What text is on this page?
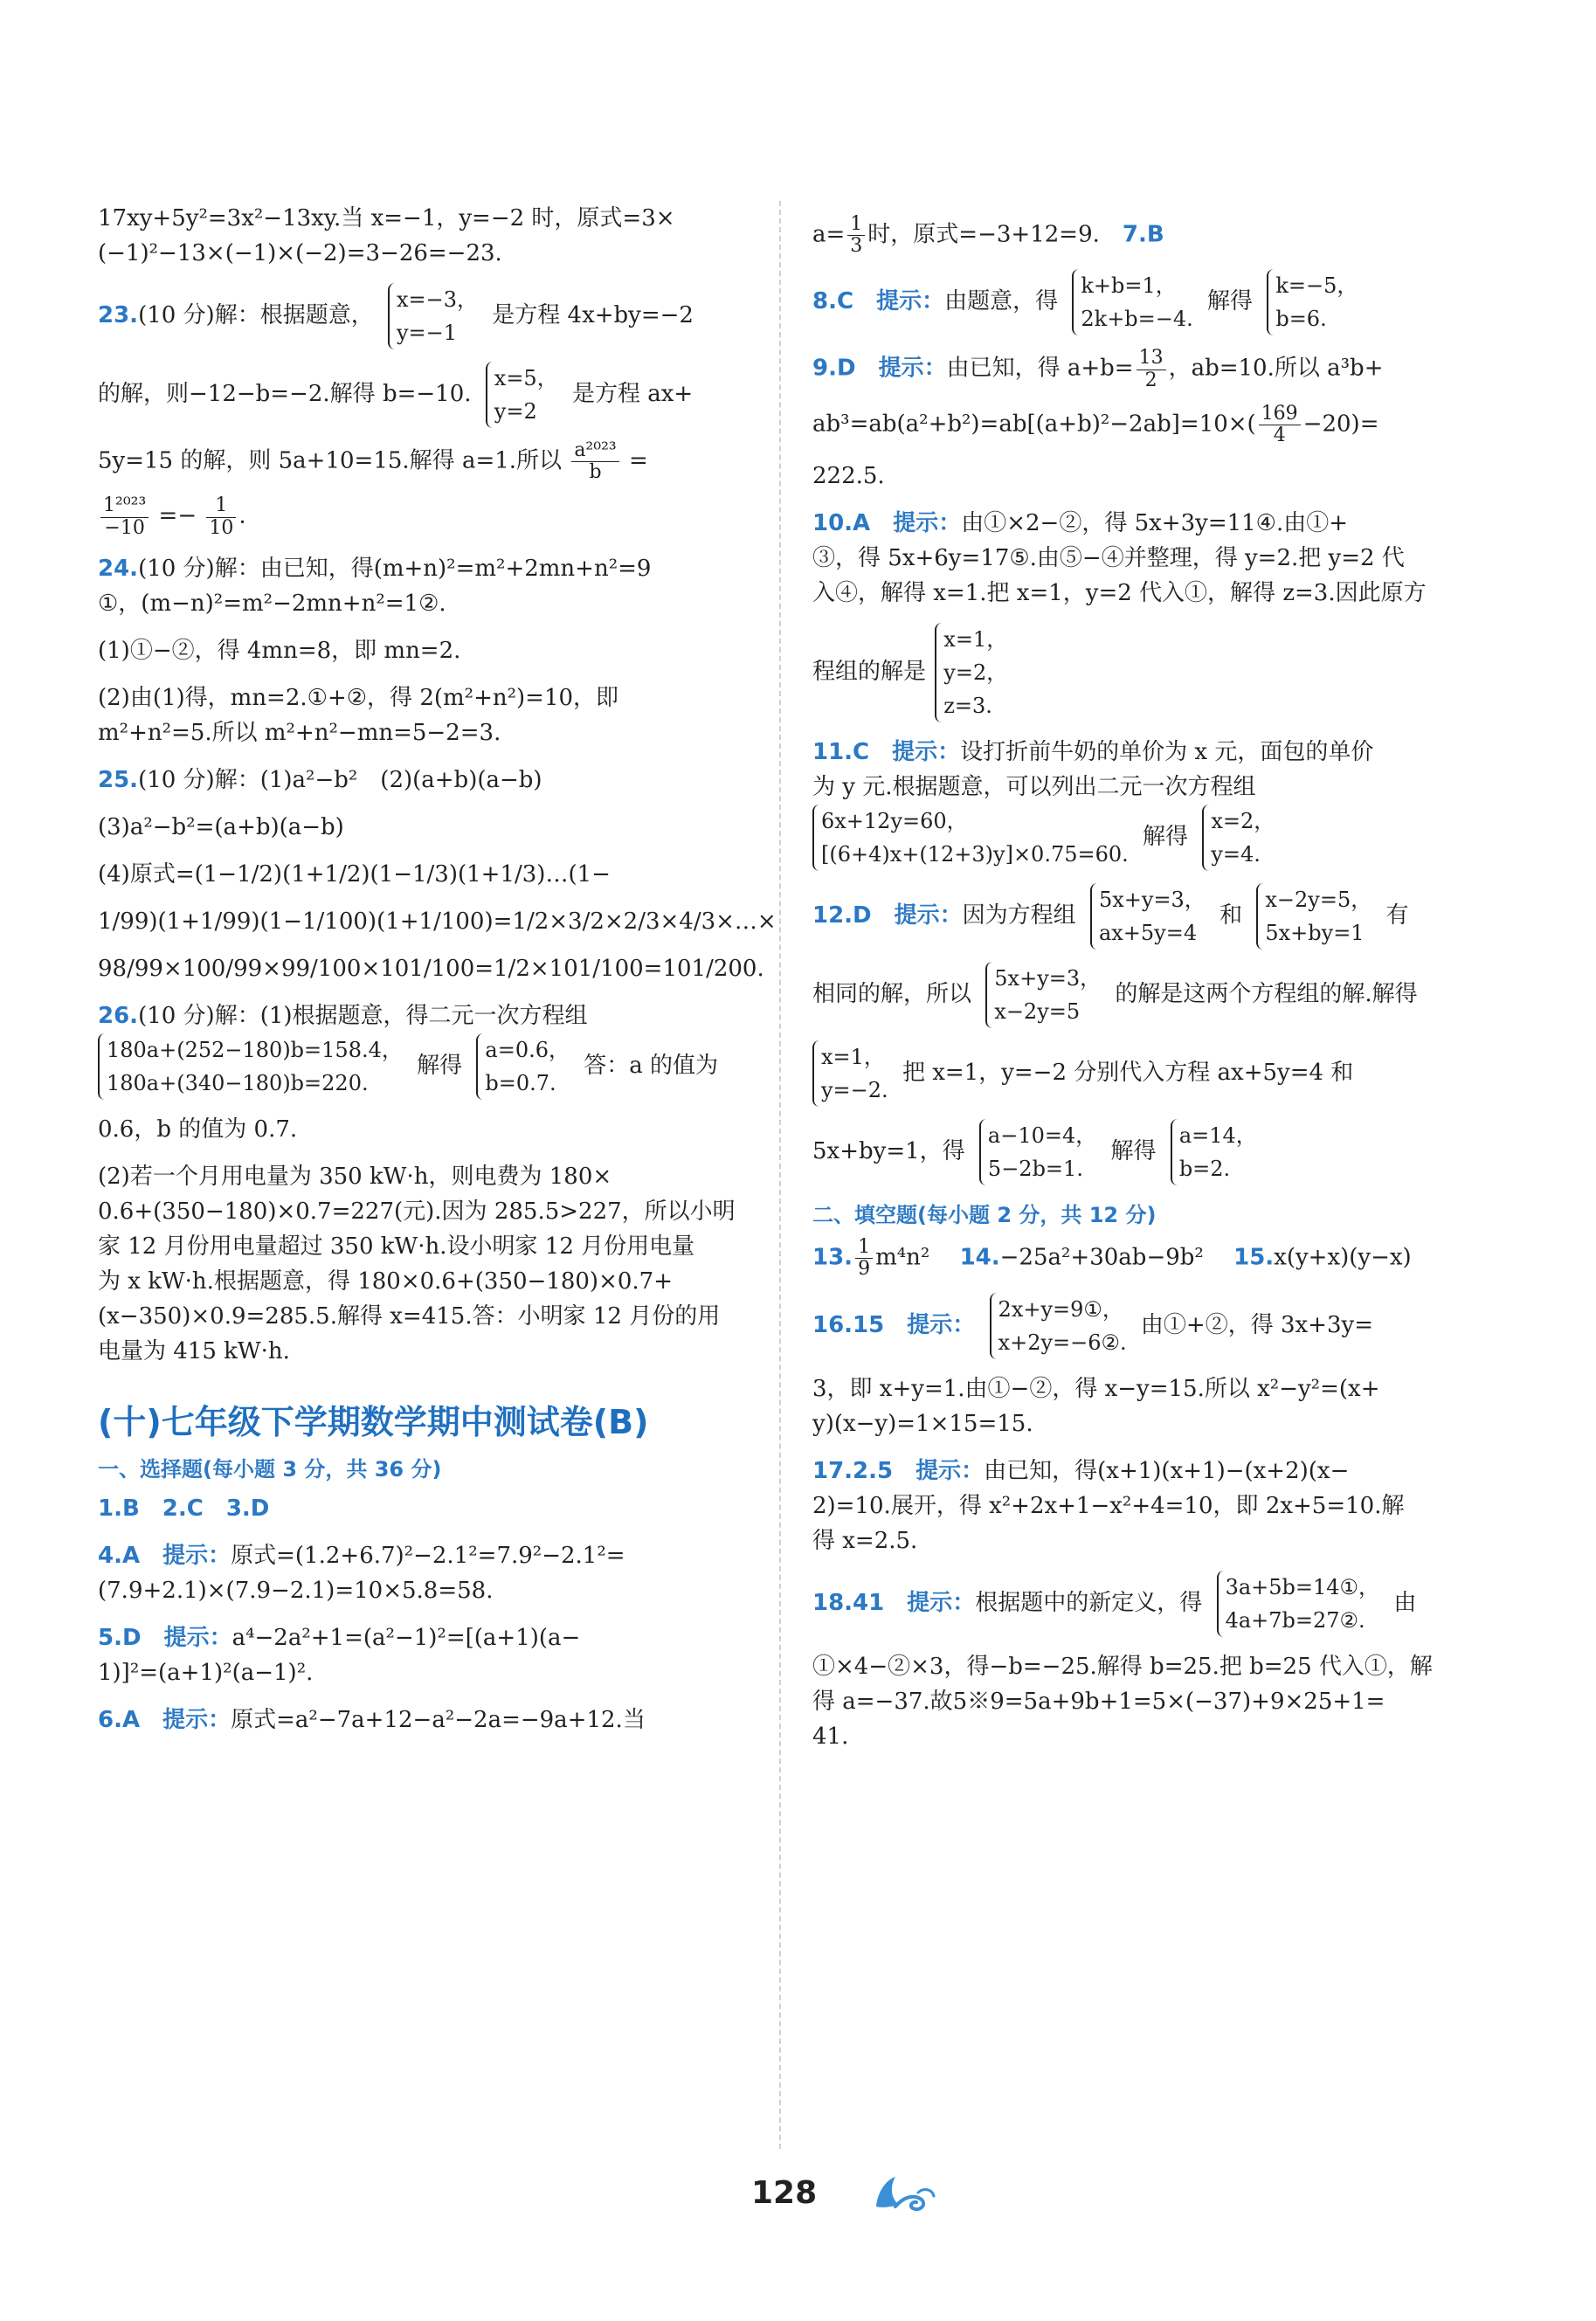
17xy+5y²=3x²−13xy.当 x=−1，y=−2 时，原式=3×

(−1)²−13×(−1)×(−2)=3−26=−23.

23.(10 分)解：根据题意，
x=−3，
y=−1
是方程 4x+by=−2
的解，则−12−b=−2.解得 b=−10.
x=5，
y=2
是方程 ax+
5y=15 的解，则 5a+10=15.解得 a=1.所以 $\frac{\text{a²⁰²³}}{b}$ =
$\frac{\text{1²⁰²³}}{-10} =- \frac{1}{10}$ .

24.(10 分)解：由已知，得(m+n)²=m²+2mn+n²=9

①，(m−n)²=m²−2mn+n²=1②.

(1)①−②，得 4mn=8，即 mn=2.

(2)由(1)得，mn=2.①+②，得 2(m²+n²)=10，即

m²+n²=5.所以 m²+n²−mn=5−2=3.

25.(10 分)解：(1)a²−b²　(2)(a+b)(a−b)

(3)a²−b²=(a+b)(a−b)

(4)原式=(1−1/2)(1+1/2)(1−1/3)(1+1/3)…(1−

1/99)(1+1/99)(1−1/100)(1+1/100)=1/2×3/2×2/3×4/3×…×

98/99×100/99×99/100×101/100=1/2×101/100=101/200.

26.(10 分)解：(1)根据题意，得二元一次方程组

180a+(252−180)b=158.4，
180a+(340−180)b=220.
解得
a=0.6，
b=0.7.
答：a 的值为

0.6，b 的值为 0.7.

(2)若一个月用电量为 350 kW·h，则电费为 180×

0.6+(350−180)×0.7=227(元).因为 285.5>227，所以小明

家 12 月份用电量超过 350 kW·h.设小明家 12 月份用电量

为 x kW·h.根据题意，得 180×0.6+(350−180)×0.7+

(x−350)×0.9=285.5.解得 x=415.答：小明家 12 月份的用

电量为 415 kW·h.

(十)七年级下学期数学期中测试卷(B)
一、选择题(每小题 3 分，共 36 分)

1.B　2.C　3.D

4.A　 提示：原式=(1.2+6.7)²−2.1²=7.9²−2.1²=

(7.9+2.1)×(7.9−2.1)=10×5.8=58.

5.D　 提示：a⁴−2a²+1=(a²−1)²=[(a+1)(a−

1)]²=(a+1)²(a−1)².

6.A　 提示：原式=a²−7a+12−a²−2a=−9a+12.当

$a= \frac{1}{3}$ 时，原式=−3+12=9.　 7.B
8.C　 提示：由题意，得
k+b=1，
2k+b=−4.
解得
k=−5，
b=6.
9.D　 提示：由已知，得 $a+b= \frac{13}{2}$ ，ab=10.所以 a³b+
$ab^3=ab(a^2+b^2)=ab[(a+b)^2-2ab]=10\times( \frac{169}{4} -20)=$

222.5.

10.A　 提示：由①×2−②，得 5x+3y=11④.由①+

③，得 5x+6y=17⑤.由⑤−④并整理，得 y=2.把 y=2 代

入④，解得 x=1.把 x=1，y=2 代入①，解得 z=3.因此原方

程组的解是
x=1，
y=2，
z=3.

11.C　 提示：设打折前牛奶的单价为 x 元，面包的单价

为 y 元.根据题意，可以列出二元一次方程组

6x+12y=60，
[(6+4)x+(12+3)y]×0.75=60.
解得
x=2，
y=4.
12.D　 提示：因为方程组
5x+y=3，
ax+5y=4
和
x−2y=5，
5x+by=1
有
相同的解，所以
5x+y=3，
x−2y=5
的解是这两个方程组的解.解得
x=1，
y=−2.
把 x=1，y=−2 分别代入方程 ax+5y=4 和
5x+by=1，得
a−10=4，
5−2b=1.
解得
a=14，
b=2.
二、填空题(每小题 2 分，共 12 分)
13. $\frac{1}{9} m^4n^2$　 14.−25a²+30ab−9b²　 15.x(y+x)(y−x)
16.15　 提示：
2x+y=9①，
x+2y=−6②.
由①+②，得 3x+3y=

3，即 x+y=1.由①−②，得 x−y=15.所以 x²−y²=(x+

y)(x−y)=1×15=15.

17.2.5　 提示：由已知，得(x+1)(x+1)−(x+2)(x−

2)=10.展开，得 x²+2x+1−x²+4=10，即 2x+5=10.解

得 x=2.5.

18.41　 提示：根据题中的新定义，得
3a+5b=14①，
4a+7b=27②.
由

①×4−②×3，得−b=−25.解得 b=25.把 b=25 代入①，解

得 a=−37.故5※9=5a+9b+1=5×(−37)+9×25+1=

41.

128
